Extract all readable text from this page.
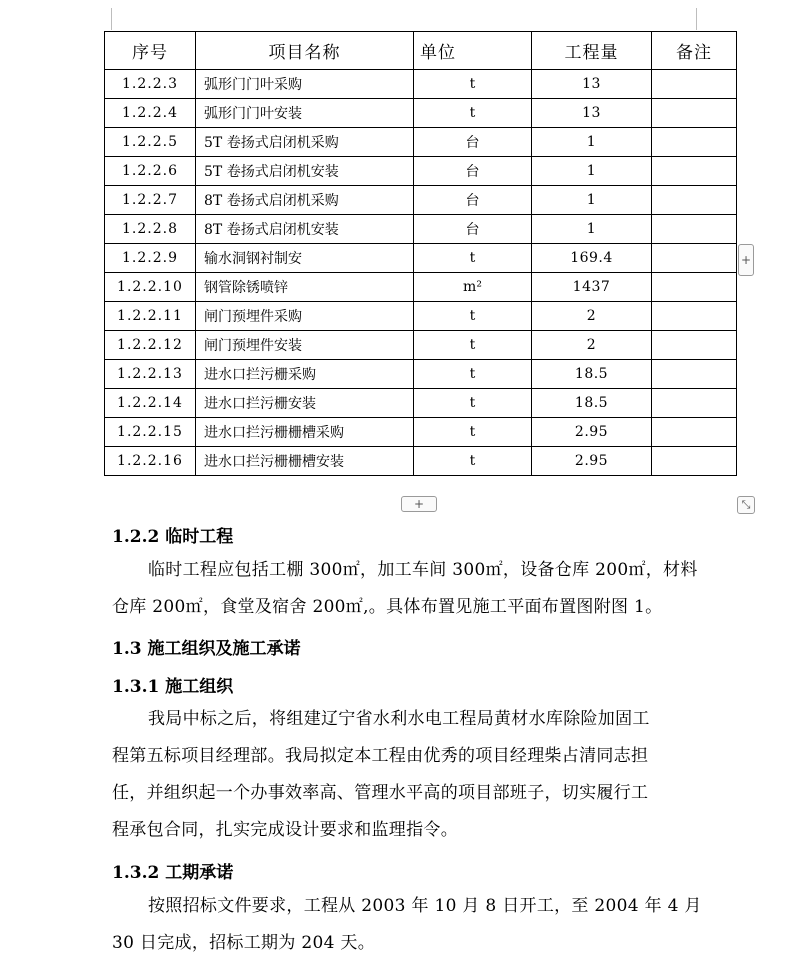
序号	项目名称	单位	工程量	备注
1.2.2.3	弧形门门叶采购	t	13	
1.2.2.4	弧形门门叶安装	t	13	
1.2.2.5	5T 卷扬式启闭机采购	台	1	
1.2.2.6	5T 卷扬式启闭机安装	台	1	
1.2.2.7	8T 卷扬式启闭机采购	台	1	
1.2.2.8	8T 卷扬式启闭机安装	台	1	
1.2.2.9	输水洞钢衬制安	t	169.4	
1.2.2.10	钢管除锈喷锌	m²	1437	
1.2.2.11	闸门预埋件采购	t	2	
1.2.2.12	闸门预埋件安装	t	2	
1.2.2.13	进水口拦污栅采购	t	18.5	
1.2.2.14	进水口拦污栅安装	t	18.5	
1.2.2.15	进水口拦污栅栅槽采购	t	2.95	
1.2.2.16	进水口拦污栅栅槽安装	t	2.95	
+
+	⤡
1.2.2 临时工程
临时工程应包括工棚 300㎡，加工车间 300㎡，设备仓库 200㎡，材料
仓库 200㎡，食堂及宿舍 200㎡,。具体布置见施工平面布置图附图 1。
1.3 施工组织及施工承诺
1.3.1 施工组织
我局中标之后，将组建辽宁省水利水电工程局黄材水库除险加固工
程第五标项目经理部。我局拟定本工程由优秀的项目经理柴占清同志担
任，并组织起一个办事效率高、管理水平高的项目部班子，切实履行工
程承包合同，扎实完成设计要求和监理指令。
1.3.2 工期承诺
按照招标文件要求，工程从 2003 年 10 月 8 日开工，至 2004 年 4 月
30 日完成，招标工期为 204 天。
